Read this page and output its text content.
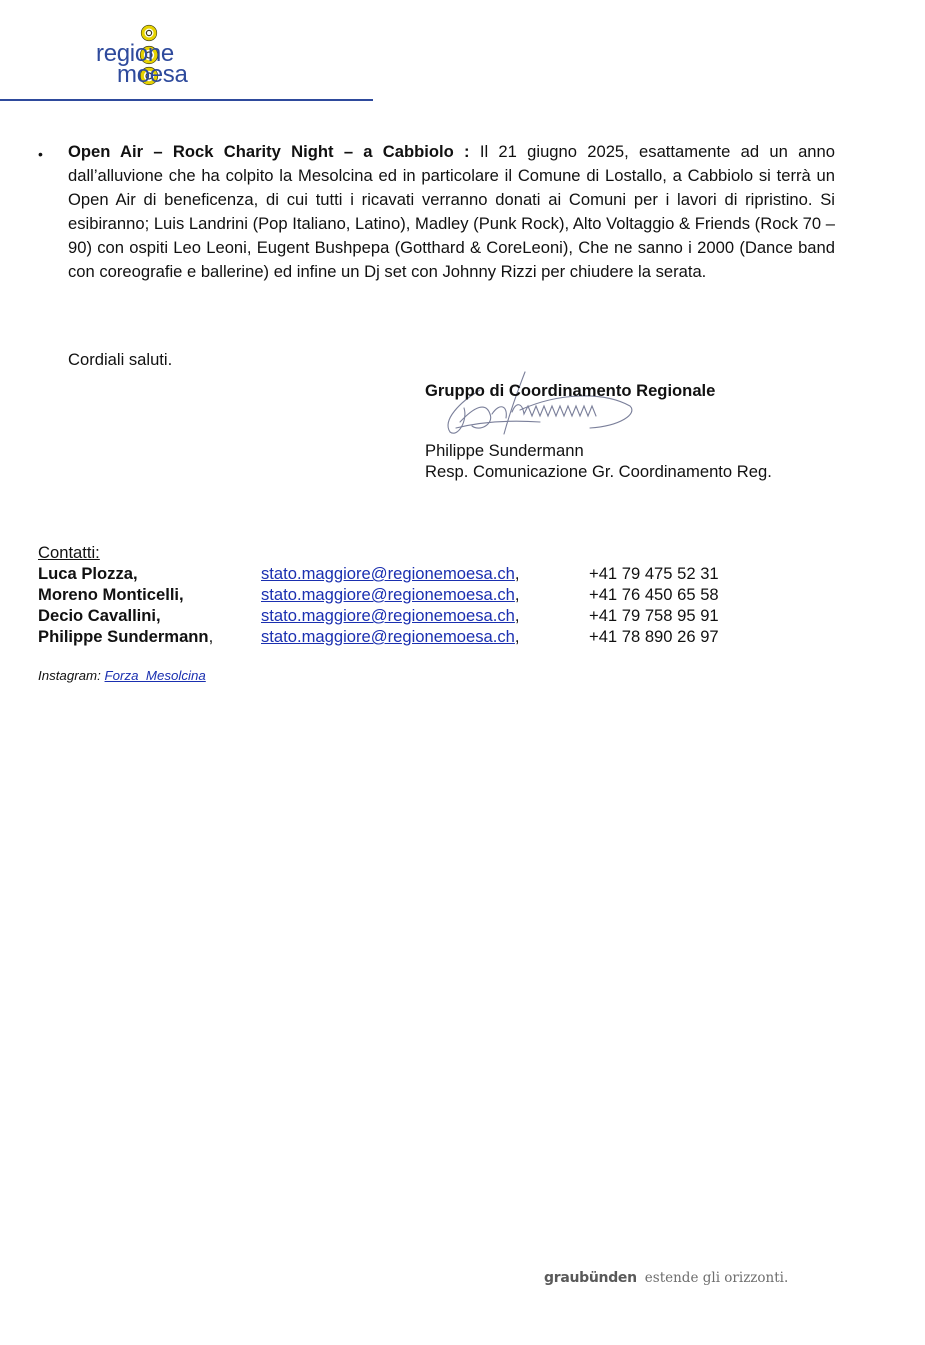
regione
moesa
• Open Air – Rock Charity Night – a Cabbiolo : Il 21 giugno 2025, esattamente ad un anno dall’alluvione che ha colpito la Mesolcina ed in particolare il Comune di Lostallo, a Cabbiolo si terrà un Open Air di beneficenza, di cui tutti i ricavati verranno donati ai Comuni per i lavori di ripristino. Si esibiranno; Luis Landrini (Pop Italiano, Latino), Madley (Punk Rock), Alto Voltaggio & Friends (Rock 70 – 90) con ospiti Leo Leoni, Eugent Bushpepa (Gotthard & CoreLeoni), Che ne sanno i 2000 (Dance band con coreografie e ballerine) ed infine un Dj set con Johnny Rizzi per chiudere la serata.
Cordiali saluti.
Gruppo di Coordinamento Regionale
Philippe Sundermann
Resp. Comunicazione Gr. Coordinamento Reg.
Contatti:
Luca Plozza,	stato.maggiore@regionemoesa.ch,	+41 79 475 52 31
Moreno Monticelli,	stato.maggiore@regionemoesa.ch,	+41 76 450 65 58
Decio Cavallini,	stato.maggiore@regionemoesa.ch,	+41 79 758 95 91
Philippe Sundermann,	stato.maggiore@regionemoesa.ch,	+41 78 890 26 97
Instagram: Forza_Mesolcina
graubünden estende gli orizzonti.
